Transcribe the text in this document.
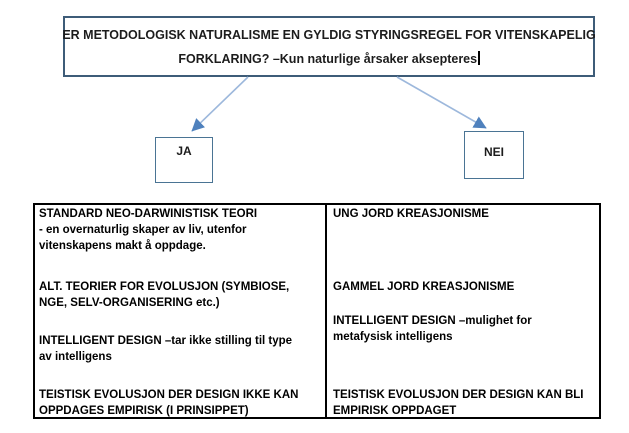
ER METODOLOGISK NATURALISME EN GYLDIG STYRINGSREGEL FOR VITENSKAPELIG
FORKLARING? –Kun naturlige årsaker aksepteres
JA	NEI
STANDARD NEO-DARWINISTISK TEORI
- en overnaturlig skaper av liv, utenfor
vitenskapens makt å oppdage.
ALT. TEORIER FOR EVOLUSJON (SYMBIOSE,
NGE, SELV-ORGANISERING etc.)
INTELLIGENT DESIGN –tar ikke stilling til type
av intelligens
TEISTISK EVOLUSJON DER DESIGN IKKE KAN
OPPDAGES EMPIRISK (I PRINSIPPET)
UNG JORD KREASJONISME
GAMMEL JORD KREASJONISME
INTELLIGENT DESIGN –mulighet for
metafysisk intelligens
TEISTISK EVOLUSJON DER DESIGN KAN BLI
EMPIRISK OPPDAGET
